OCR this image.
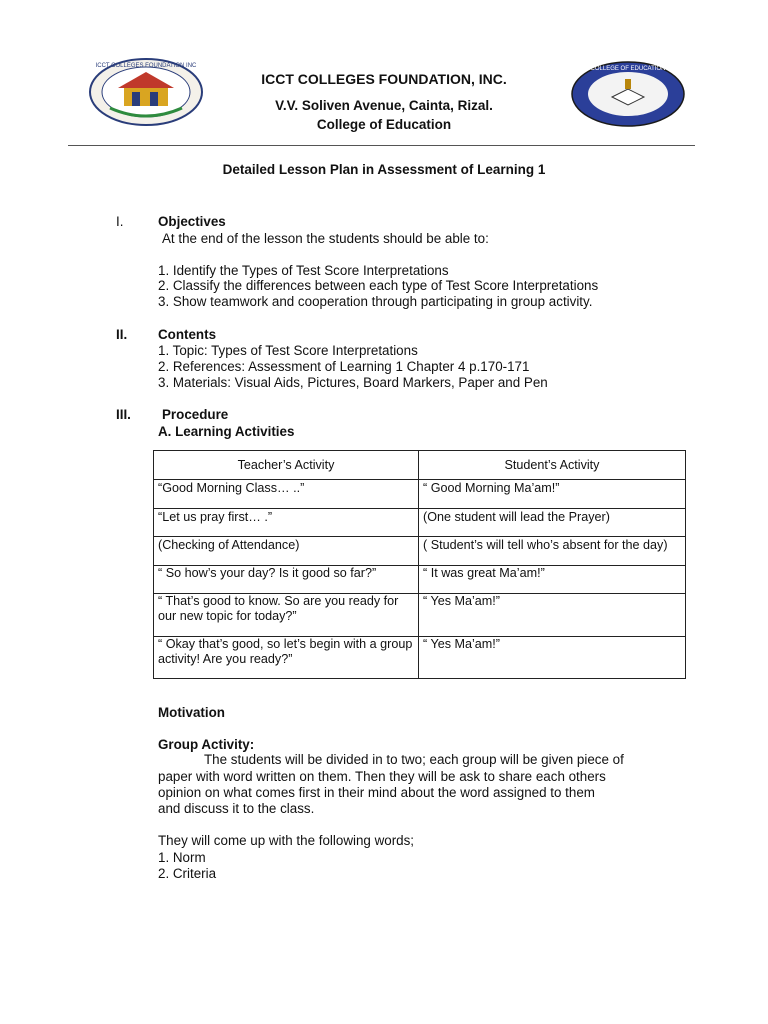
ICCT COLLEGES FOUNDATION INC	COLLEGE OF EDUCATION
ICCT COLLEGES FOUNDATION, INC.
V.V. Soliven Avenue, Cainta, Rizal.
College of Education
Detailed Lesson Plan in Assessment of Learning 1
I.	Objectives
At the end of the lesson the students should be able to:
1. Identify the Types of Test Score Interpretations
2. Classify the differences between each type of Test Score Interpretations
3. Show teamwork and cooperation through participating in group activity.
II. Contents
1. Topic: Types of Test Score Interpretations
2. References: Assessment of Learning 1 Chapter 4 p.170-171
3. Materials: Visual Aids, Pictures, Board Markers, Paper and Pen
III. Procedure
A. Learning Activities
Teacher’s Activity	Student’s Activity

“Good Morning Class… ..”	“ Good Morning Ma’am!”

“Let us pray first… .”	(One student will lead the Prayer)

(Checking of Attendance)	( Student’s will tell who’s absent for the day)

“ So how’s your day? Is it good so far?”	“ It was great Ma’am!”

“ That’s good to know. So are you ready for our new topic for today?”	“ Yes Ma’am!”

“ Okay that’s good, so let’s begin with a group activity! Are you ready?”	“ Yes Ma’am!”
Motivation
Group Activity:
The students will be divided in to two; each group will be given piece of
paper with word written on them. Then they will be ask to share each others
opinion on what comes first in their mind about the word assigned to them
and discuss it to the class.
They will come up with the following words;
1. Norm
2. Criteria
